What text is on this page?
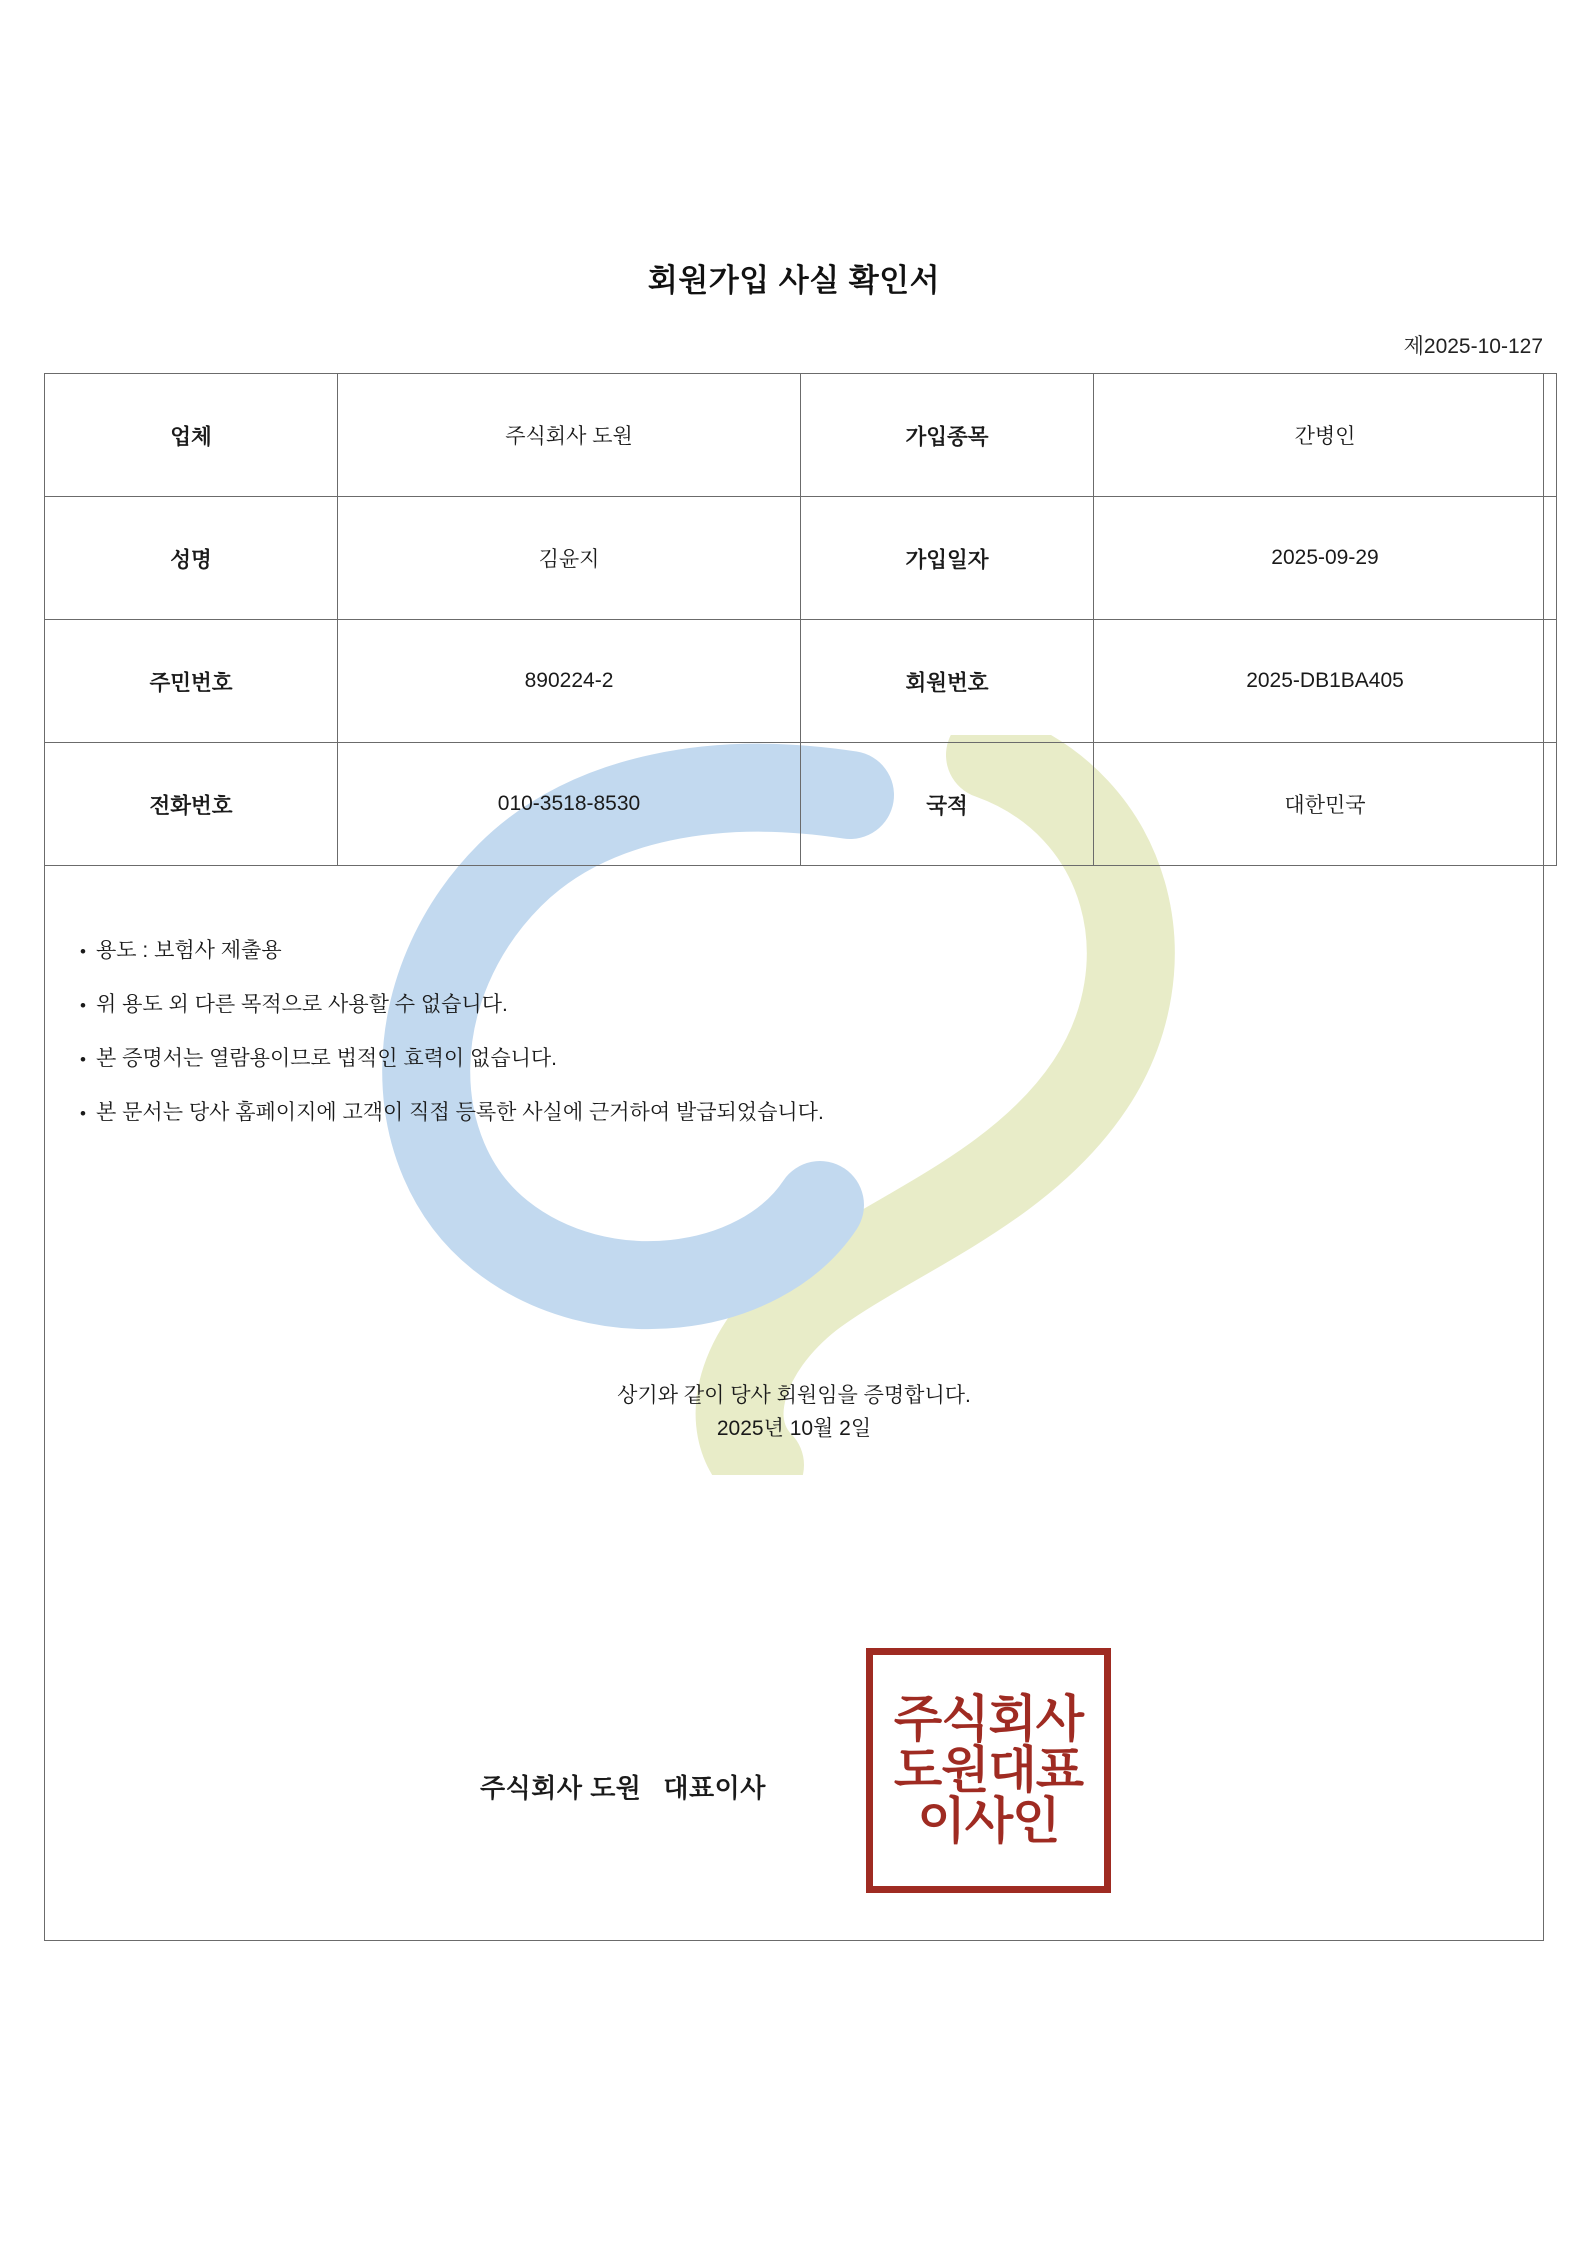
회원가입 사실 확인서
제2025-10-127
업체	주식회사 도원	가입종목	간병인
성명	김윤지	가입일자	2025-09-29
주민번호	890224-2	회원번호	2025-DB1BA405
전화번호	010-3518-8530	국적	대한민국
• 용도 : 보험사 제출용
• 위 용도 외 다른 목적으로 사용할 수 없습니다.
• 본 증명서는 열람용이므로 법적인 효력이 없습니다.
• 본 문서는 당사 홈페이지에 고객이 직접 등록한 사실에 근거하여 발급되었습니다.
상기와 같이 당사 회원임을 증명합니다.
2025년 10월 2일
주식회사 도원 대표이사
주식회사
도원대표
이사인
